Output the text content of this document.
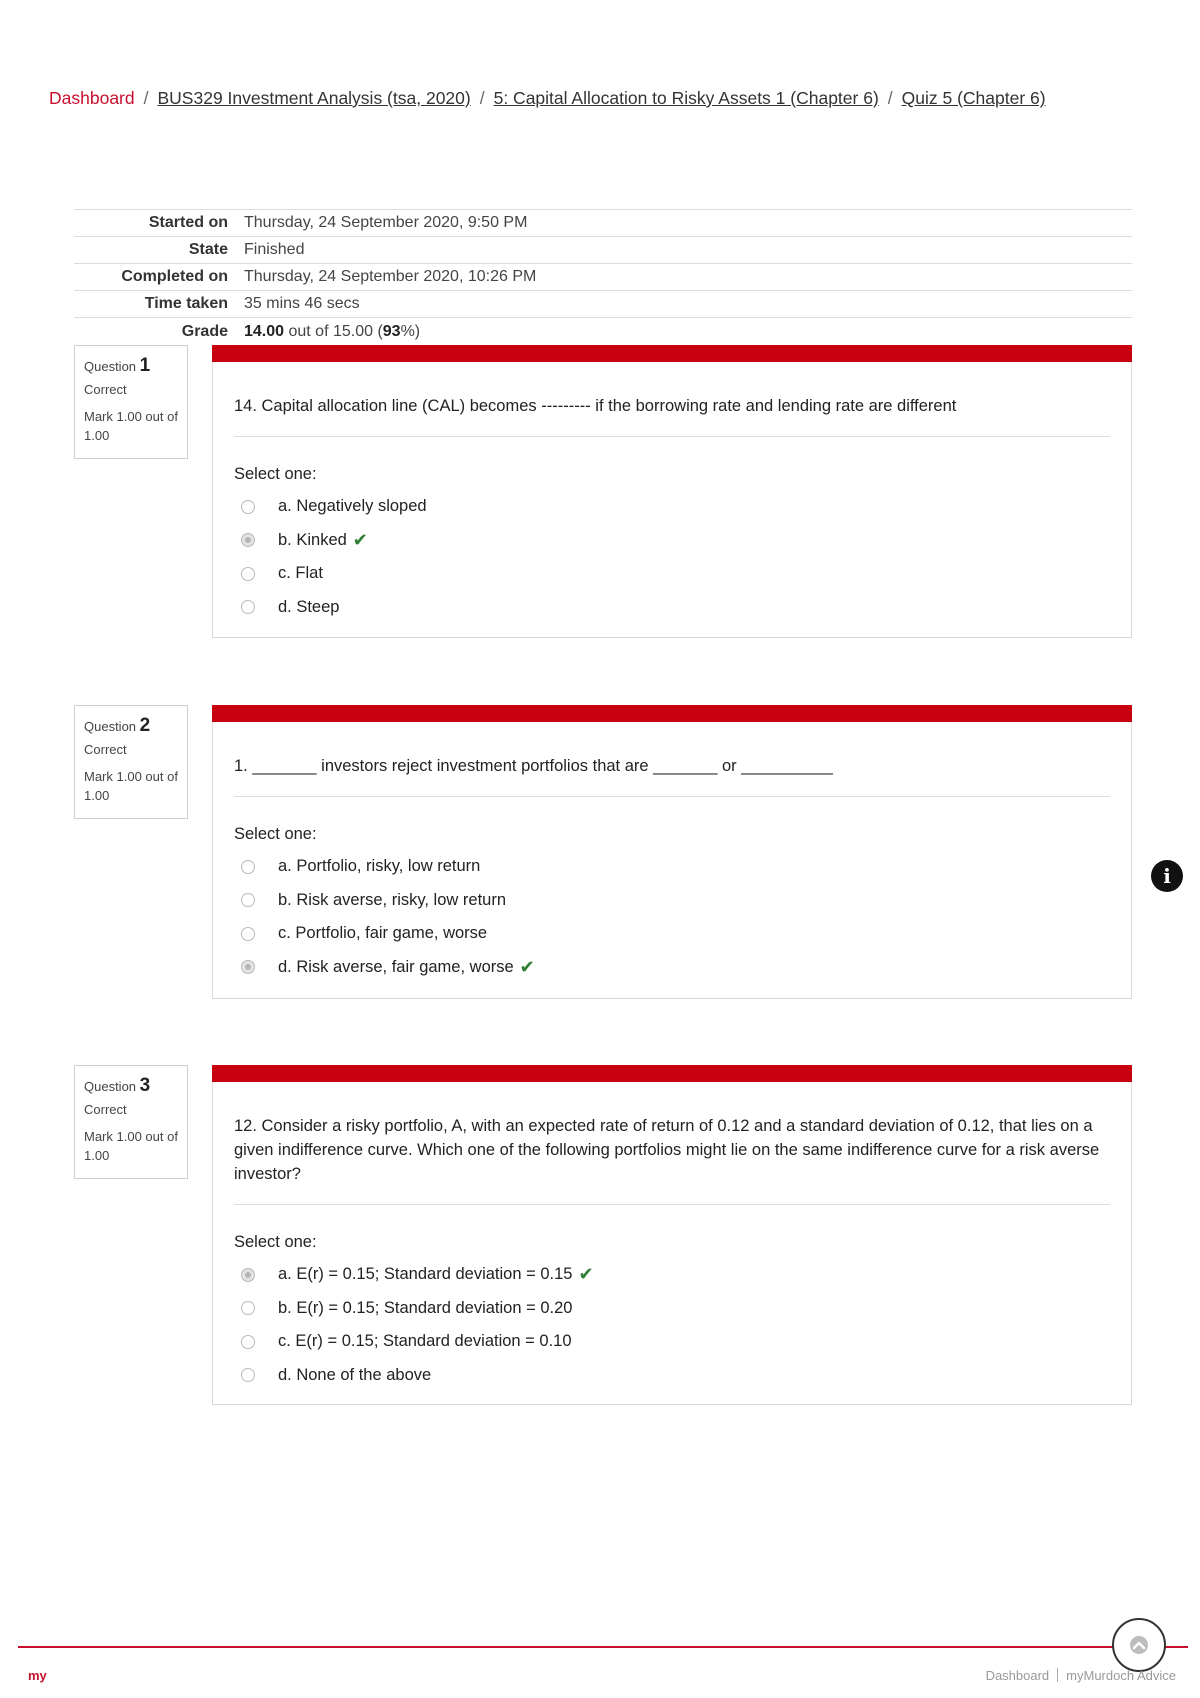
Dashboard / BUS329 Investment Analysis (tsa, 2020) / 5: Capital Allocation to Risky Assets 1 (Chapter 6) / Quiz 5 (Chapter 6)
Started on	Thursday, 24 September 2020, 9:50 PM
State	Finished
Completed on	Thursday, 24 September 2020, 10:26 PM
Time taken	35 mins 46 secs
Grade	14.00 out of 15.00 (93%)
Question 1
Correct
Mark 1.00 out of 1.00
14. Capital allocation line (CAL) becomes --------- if the borrowing rate and lending rate are different
Select one:
a. Negatively sloped
b. Kinked ✔
c. Flat
d. Steep
Question 2
Correct
Mark 1.00 out of 1.00
1. _______ investors reject investment portfolios that are _______ or __________
Select one:
a. Portfolio, risky, low return
b. Risk averse, risky, low return
c. Portfolio, fair game, worse
d. Risk averse, fair game, worse ✔
Question 3
Correct
Mark 1.00 out of 1.00
12. Consider a risky portfolio, A, with an expected rate of return of 0.12 and a standard deviation of 0.12, that lies on a given indifference curve. Which one of the following portfolios might lie on the same indifference curve for a risk averse investor?
Select one:
a. E(r) = 0.15; Standard deviation = 0.15 ✔
b. E(r) = 0.15; Standard deviation = 0.20
c. E(r) = 0.15; Standard deviation = 0.10
d. None of the above
i
my	Dashboard myMurdoch Advice
